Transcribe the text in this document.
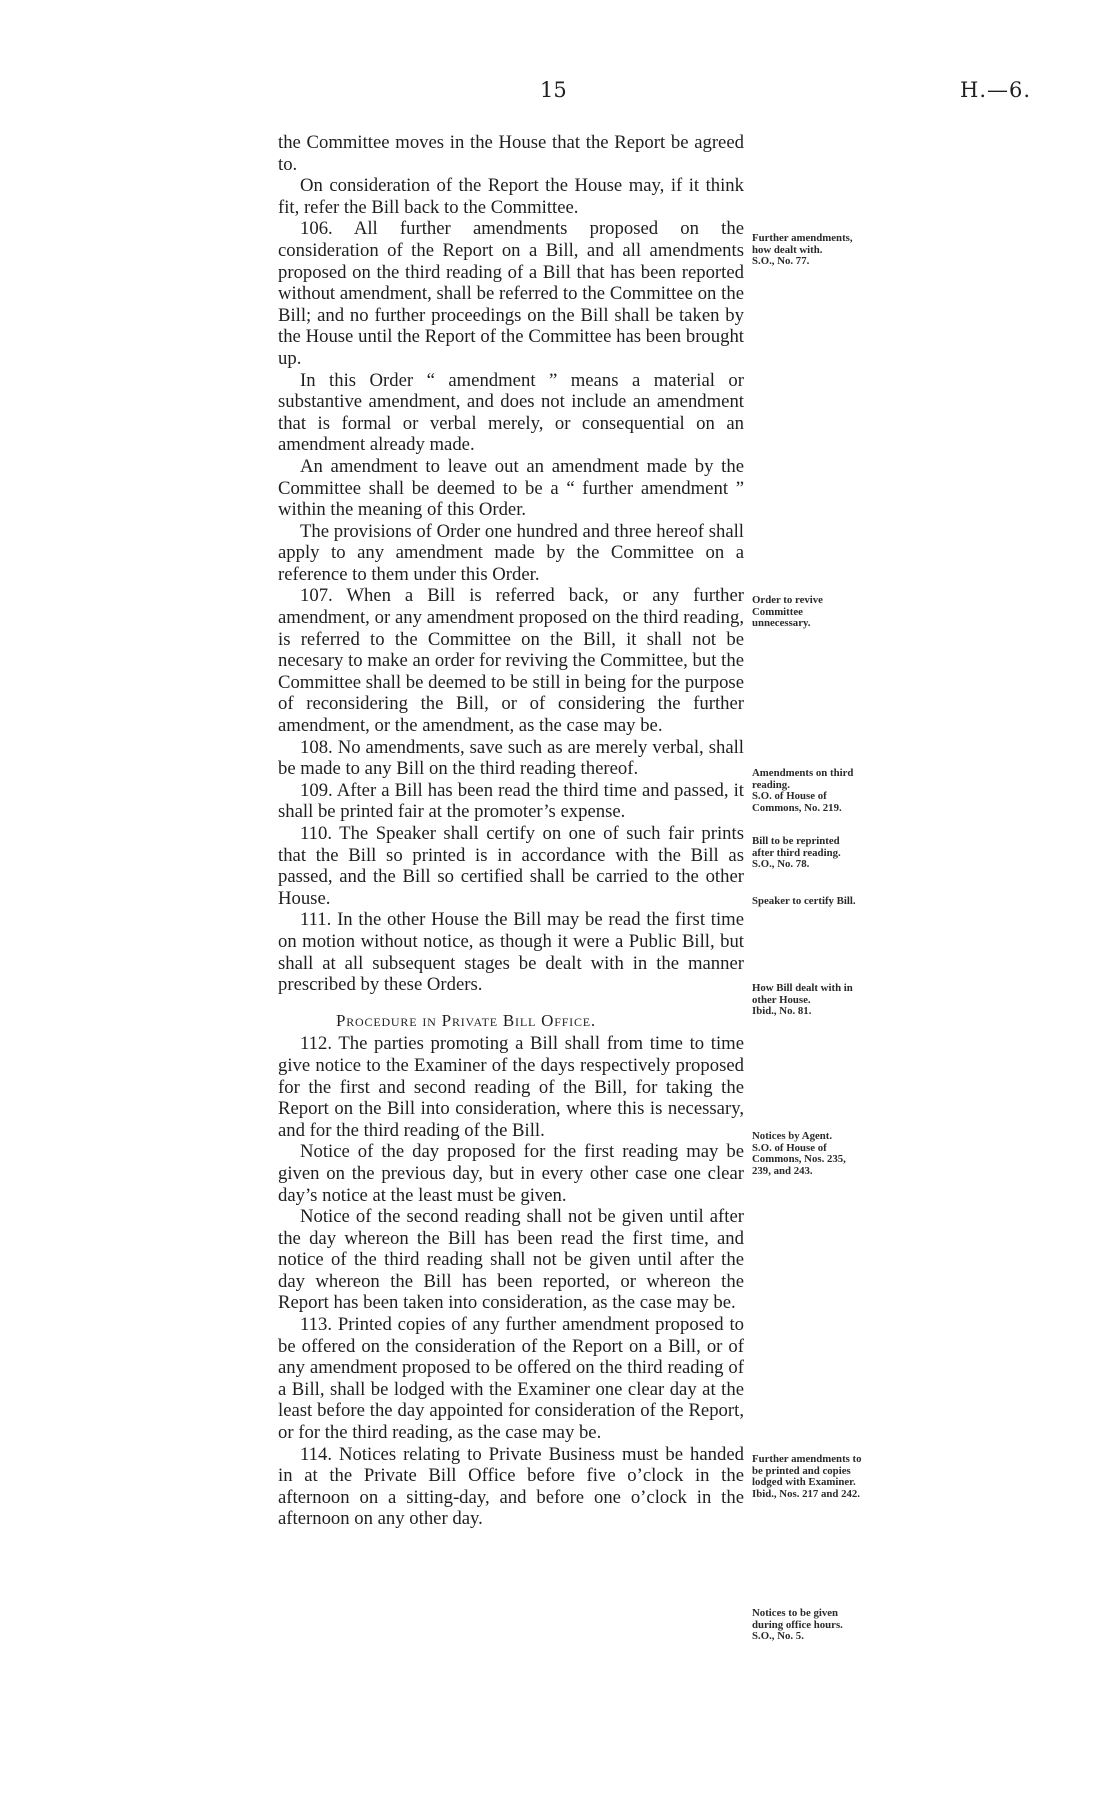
15	H.—6.

the Committee moves in the House that the Report be agreed to.

On consideration of the Report the House may, if it think fit, refer the Bill back to the Committee.

106. All further amendments proposed on the consideration of the Report on a Bill, and all amendments proposed on the third reading of a Bill that has been reported without amendment, shall be referred to the Committee on the Bill; and no further proceedings on the Bill shall be taken by the House until the Report of the Committee has been brought up.

In this Order “ amendment ” means a material or substantive amendment, and does not include an amendment that is formal or verbal merely, or consequential on an amendment already made.

An amendment to leave out an amendment made by the Committee shall be deemed to be a “ further amendment ” within the meaning of this Order.

The provisions of Order one hundred and three hereof shall apply to any amendment made by the Committee on a reference to them under this Order.

107. When a Bill is referred back, or any further amendment, or any amendment proposed on the third reading, is referred to the Committee on the Bill, it shall not be necesary to make an order for reviving the Committee, but the Committee shall be deemed to be still in being for the purpose of reconsidering the Bill, or of considering the further amendment, or the amendment, as the case may be.

108. No amendments, save such as are merely verbal, shall be made to any Bill on the third reading thereof.

109. After a Bill has been read the third time and passed, it shall be printed fair at the promoter’s expense.

110. The Speaker shall certify on one of such fair prints that the Bill so printed is in accordance with the Bill as passed, and the Bill so certified shall be carried to the other House.

111. In the other House the Bill may be read the first time on motion without notice, as though it were a Public Bill, but shall at all subsequent stages be dealt with in the manner prescribed by these Orders.

Procedure in Private Bill Office.

112. The parties promoting a Bill shall from time to time give notice to the Examiner of the days respectively proposed for the first and second reading of the Bill, for taking the Report on the Bill into consideration, where this is necessary, and for the third reading of the Bill.

Notice of the day proposed for the first reading may be given on the previous day, but in every other case one clear day’s notice at the least must be given.

Notice of the second reading shall not be given until after the day whereon the Bill has been read the first time, and notice of the third reading shall not be given until after the day whereon the Bill has been reported, or whereon the Report has been taken into consideration, as the case may be.

113. Printed copies of any further amendment proposed to be offered on the consideration of the Report on a Bill, or of any amendment proposed to be offered on the third reading of a Bill, shall be lodged with the Examiner one clear day at the least before the day appointed for consideration of the Report, or for the third reading, as the case may be.

114. Notices relating to Private Business must be handed in at the Private Bill Office before five o’clock in the afternoon on a sitting-day, and before one o’clock in the afternoon on any other day.

Further amendments, how dealt with.
S.O., No. 77.
Order to revive Committee unnecessary.
Amendments on third reading.
S.O. of House of Commons, No. 219.
Bill to be reprinted after third reading.
S.O., No. 78.
Speaker to certify Bill.
How Bill dealt with in other House.
Ibid., No. 81.
Notices by Agent.
S.O. of House of Commons, Nos. 235, 239, and 243.
Further amendments to be printed and copies lodged with Examiner.
Ibid., Nos. 217 and 242.
Notices to be given during office hours.
S.O., No. 5.
